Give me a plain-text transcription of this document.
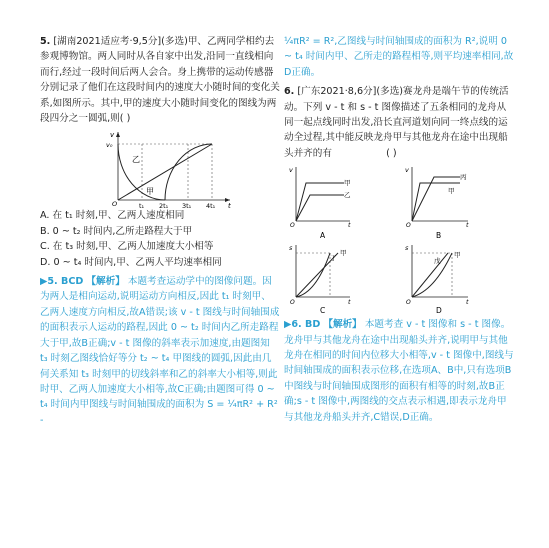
5. [湖南2021适应考·9,5分](多选)甲、乙两同学相约去参观博物馆。两人同时从各自家中出发,沿同一直线相向而行,经过一段时间后两人会合。身上携带的运动传感器分别记录了他们在这段时间内的速度大小随时间的变化关系,如图所示。其中,甲的速度大小随时间变化的图线为两段四分之一圆弧,则( )

v
v₀
O	t₁ 2t₁ 3t₁ 4t₁ t
乙
甲

A. 在 t₁ 时刻,甲、乙两人速度相同

B. 0 ~ t₂ 时间内,乙所走路程大于甲

C. 在 t₃ 时刻,甲、乙两人加速度大小相等

D. 0 ~ t₄ 时间内,甲、乙两人平均速率相同

▶5. BCD 【解析】 本题考查运动学中的图像问题。因为两人是相向运动,说明运动方向相反,因此 t₁ 时刻甲、乙两人速度方向相反,故A错误;该 v - t 图线与时间轴围成的面积表示人运动的路程,因此 0 ~ t₂ 时间内乙所走路程大于甲,故B正确;v - t 图像的斜率表示加速度,由题图知 t₃ 时刻乙图线恰好等分 t₂ ~ t₄ 甲图线的圆弧,因此由几何关系知 t₃ 时刻甲的切线斜率和乙的斜率大小相等,则此时甲、乙两人加速度大小相等,故C正确;由题图可得 0 ~ t₄ 时间内甲图线与时间轴围成的面积为 S = ¼πR² + R² -

¼πR² = R²,乙图线与时间轴围成的面积为 R²,说明 0 ~ t₄ 时间内甲、乙所走的路程相等,则平均速率相同,故D正确。

6. [广东2021·8,6分](多选)赛龙舟是端午节的传统活动。下列 v - t 和 s - t 图像描述了五条相同的龙舟从同一起点线同时出发,沿长直河道划向同一终点线的运动全过程,其中能反映龙舟甲与其他龙舟在途中出现船头并齐的有	( )

v
O	t
甲
乙
A
v
O	t
甲
丙
B
s
O	t
丁
甲
C
s
O	t
戊
甲
D

▶6. BD 【解析】 本题考查 v - t 图像和 s - t 图像。龙舟甲与其他龙舟在途中出现船头并齐,说明甲与其他龙舟在相同的时间内位移大小相等,v - t 图像中,图线与时间轴围成的面积表示位移,在选项A、B中,只有选项B中图线与时间轴围成图形的面积有相等的时刻,故B正确;s - t 图像中,两图线的交点表示相遇,即表示龙舟甲与其他龙舟船头并齐,C错误,D正确。
